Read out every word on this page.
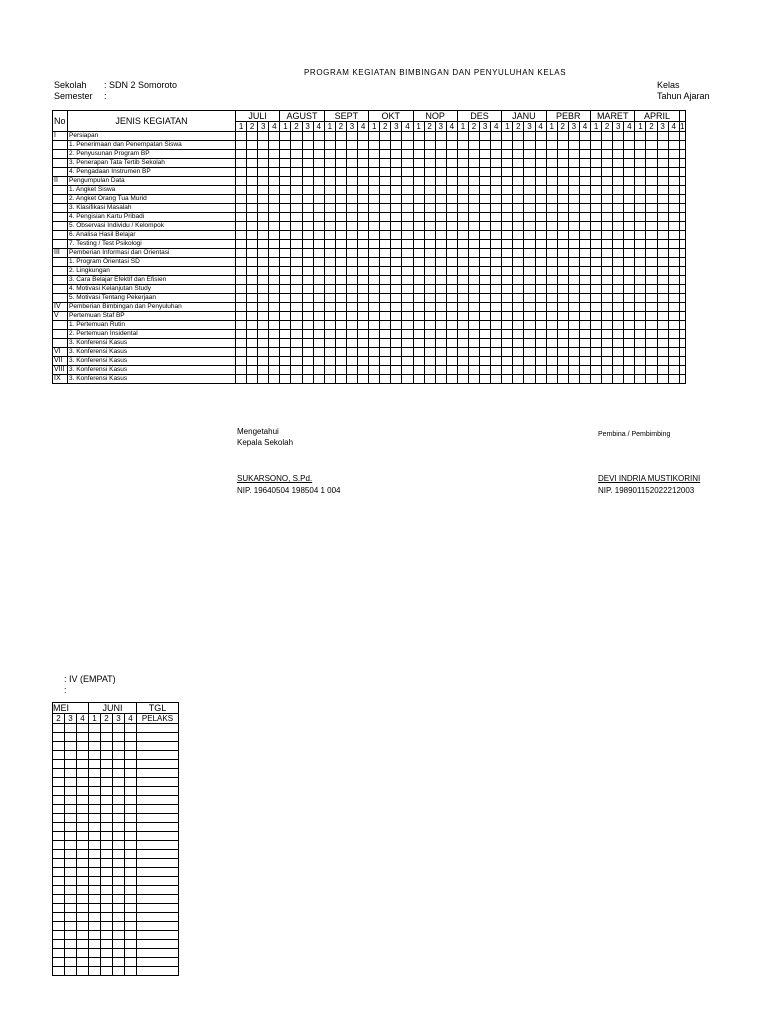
PROGRAM KEGIATAN BIMBINGAN DAN PENYULUHAN KELAS
Sekolah : SDN 2 Somoroto
Semester :
Kelas
Tahun Ajaran
No	JENIS KEGIATAN	JULI				AGUST				SEPT				OKT				NOP				DES				JANU				PEBR				MARET				APRIL				
		1	2	3	4	1	2	3	4	1	2	3	4	1	2	3	4	1	2	3	4	1	2	3	4	1	2	3	4	1	2	3	4	1	2	3	4	1	2	3	4	1
I	Persiapan																																									
	1. Penerimaan dan Penempatan Siswa																																									
	2. Penyusunan Program BP																																									
	3. Penerapan Tata Tertib Sekolah																																									
	4. Pengadaan Instrumen BP																																									
II	Pengumpulan Data																																									
	1. Angket Siswa																																									
	2. Angket Orang Tua Murid																																									
	3. Klasifikasi Masalah																																									
	4. Pengisian Kartu Pribadi																																									
	5. Observasi Individu / Kelompok																																									
	6. Analisa Hasil Belajar																																									
	7. Testing / Test Psikologi																																									
III	Pemberian Informasi dan Orientasi																																									
	1. Program Orientasi SD																																									
	2. Lingkungan																																									
	3. Cara Belajar Efektif dan Efisien																																									
	4. Motivasi Kelanjutan Study																																									
	5. Motivasi Tentang Pekerjaan																																									
IV	Pemberian Bimbingan dan Penyuluhan																																									
V	Pertemuan Staf BP																																									
	1. Pertemuan Rutin																																									
	2. Pertemuan Insidental																																									
	3. Konferensi Kasus																																									
VI	3. Konferensi Kasus																																									
VII	3. Konferensi Kasus																																									
VIII	3. Konferensi Kasus																																									
IX	3. Konferensi Kasus																																									
Mengetahui
Kepala Sekolah
Pembina / Pembimbing
SUKARSONO, S.Pd.
NIP. 19640504 198504 1 004
DEVI INDRIA MUSTIKORINI
NIP. 198901152022212003
: IV (EMPAT)
:
MEI			JUNI				TGL
2	3	4	1	2	3	4	PELAKS
